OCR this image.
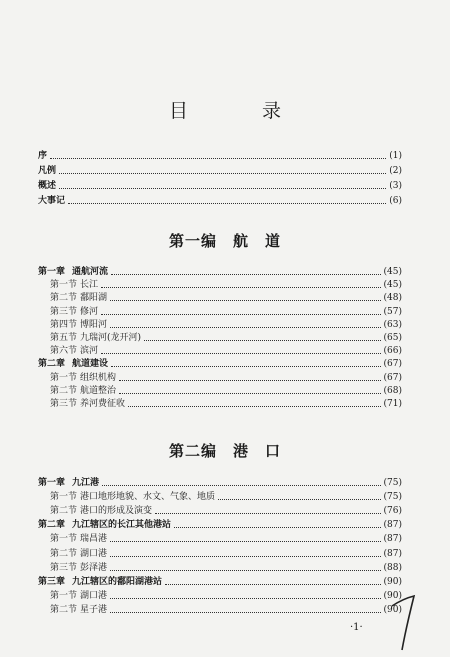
目 录
序	(1)
凡例	(2)
概述	(3)
大事记	(6)
第一编 航 道
第一章 通航河流	(45)
第一节 长江	(45)
第二节 鄱阳湖	(48)
第三节 修河	(57)
第四节 博阳河	(63)
第五节 九瑞河(龙开河)	(65)
第六节 滨河	(66)
第二章 航道建设	(67)
第一节 组织机构	(67)
第二节 航道整治	(68)
第三节 养河费征收	(71)
第二编 港 口
第一章 九江港	(75)
第一节 港口地形地貌、水文、气象、地质	(75)
第二节 港口的形成及演变	(76)
第二章 九江辖区的长江其他港站	(87)
第一节 瑞昌港	(87)
第二节 湖口港	(87)
第三节 彭泽港	(88)
第三章 九江辖区的鄱阳湖港站	(90)
第一节 湖口港	(90)
第二节 星子港	(90)
·1·
